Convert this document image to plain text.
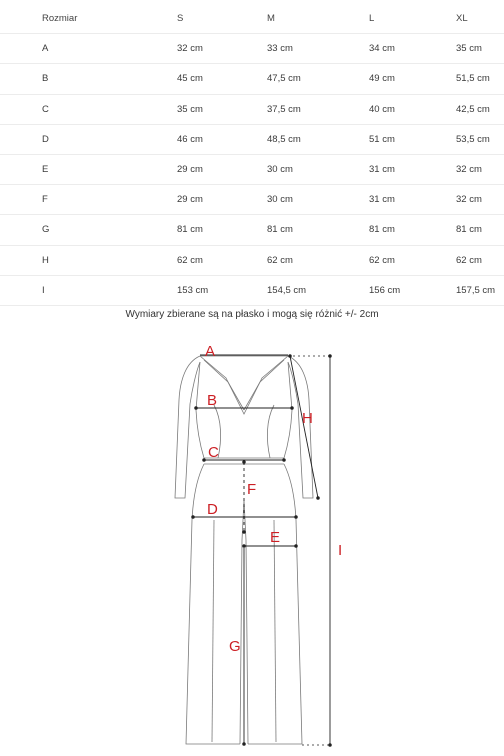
Rozmiar	S	M	L	XL
A	32 cm	33 cm	34 cm	35 cm
B	45 cm	47,5 cm	49 cm	51,5 cm
C	35 cm	37,5 cm	40 cm	42,5 cm
D	46 cm	48,5 cm	51 cm	53,5 cm
E	29 cm	30 cm	31 cm	32 cm
F	29 cm	30 cm	31 cm	32 cm
G	81 cm	81 cm	81 cm	81 cm
H	62 cm	62 cm	62 cm	62 cm
I	153 cm	154,5 cm	156 cm	157,5 cm
Wymiary zbierane są na płasko i mogą się różnić +/- 2cm
A
B
C
D
E
F
G
H
I
